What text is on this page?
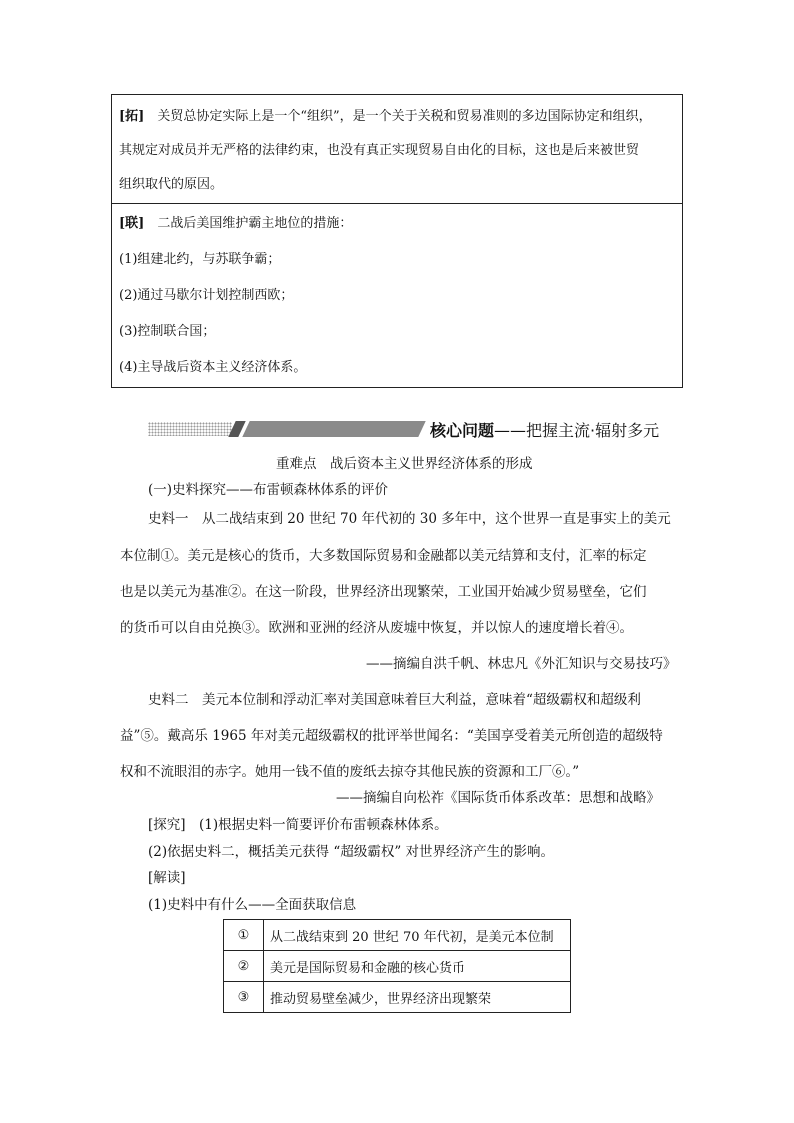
[拓]　 关贸总协定实际上是一个“组织”，是一个关于关税和贸易准则的多边国际协定和组织，
其规定对成员并无严格的法律约束，也没有真正实现贸易自由化的目标，这也是后来被世贸
组织取代的原因。
[联]　 二战后美国维护霸主地位的措施：
(1)组建北约，与苏联争霸；
(2)通过马歇尔计划控制西欧；
(3)控制联合国；
(4)主导战后资本主义经济体系。
核心问题——把握主流·辐射多元
重难点　战后资本主义世界经济体系的形成
(一)史料探究——布雷顿森林体系的评价
史料一　从二战结束到 20 世纪 70 年代初的 30 多年中，这个世界一直是事实上的美元
本位制①。美元是核心的货币，大多数国际贸易和金融都以美元结算和支付，汇率的标定
也是以美元为基准②。在这一阶段，世界经济出现繁荣，工业国开始减少贸易壁垒，它们
的货币可以自由兑换③。欧洲和亚洲的经济从废墟中恢复，并以惊人的速度增长着④。
——摘编自洪千帆、林忠凡《外汇知识与交易技巧》
史料二　美元本位制和浮动汇率对美国意味着巨大利益，意味着“超级霸权和超级利
益”⑤。戴高乐 1965 年对美元超级霸权的批评举世闻名：“美国享受着美元所创造的超级特
权和不流眼泪的赤字。她用一钱不值的废纸去掠夺其他民族的资源和工厂⑥。”
——摘编自向松祚《国际货币体系改革：思想和战略》
[探究]　(1)根据史料一简要评价布雷顿森林体系。
(2)依据史料二，概括美元获得 “超级霸权” 对世界经济产生的影响。
[解读]
(1)史料中有什么——全面获取信息
①	从二战结束到 20 世纪 70 年代初，是美元本位制
②	美元是国际贸易和金融的核心货币
③	推动贸易壁垒减少，世界经济出现繁荣
